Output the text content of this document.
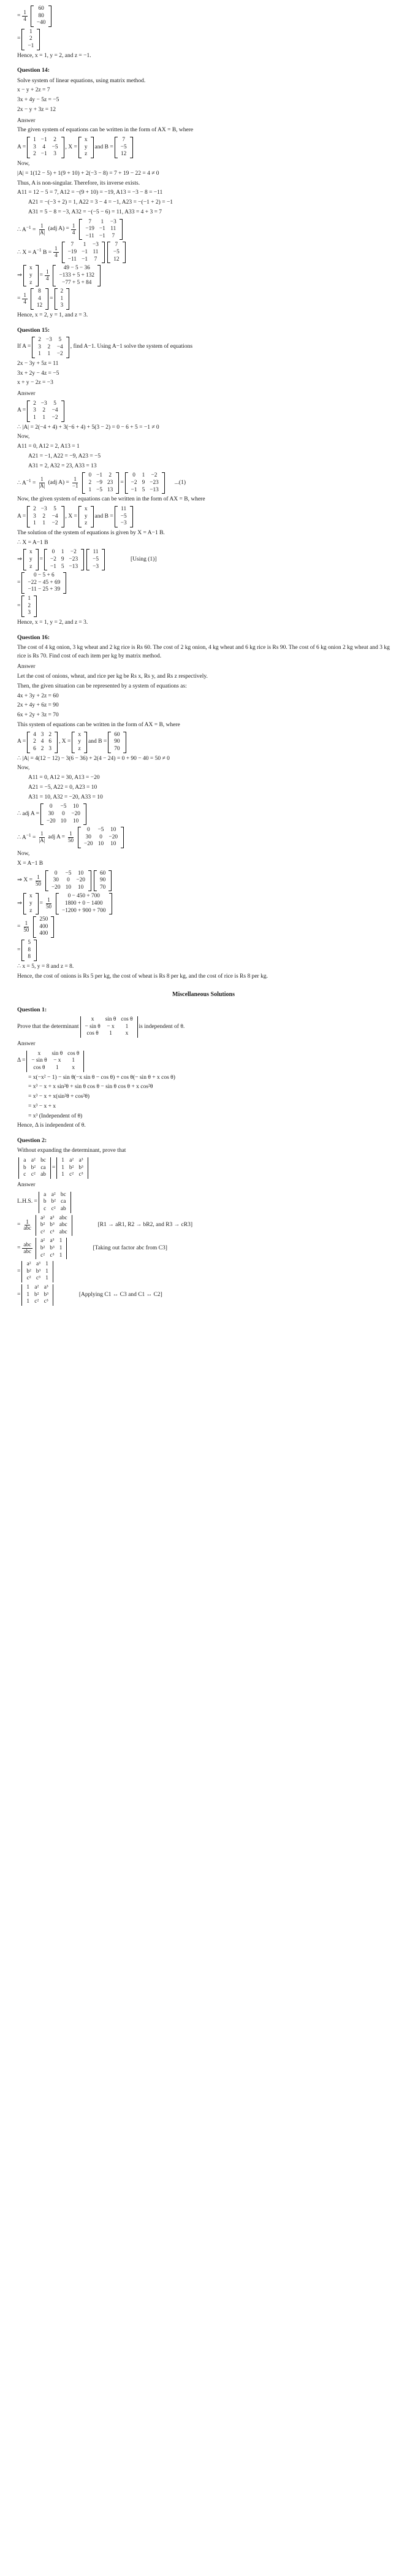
= $\frac{1}{4}$
60
80
−40
=
1
2
−1
Hence, x = 1, y = 2, and z = −1.
Question 14:
Solve system of linear equations, using matrix method.
x − y + 2z = 7
3x + 4y − 5z = −5
2x − y + 3z = 12
Answer
The given system of equations can be written in the form of AX = B, where
A =
1	−1	2
3	4	−5
2	−1	3
, X =
x
y
z
and B =
7
−5
12
Now,
|A| = 1(12 − 5) + 1(9 + 10) + 2(−3 − 8) = 7 + 19 − 22 = 4 ≠ 0
Thus, A is non-singular. Therefore, its inverse exists.
A11 = 12 − 5 = 7, A12 = −(9 + 10) = −19, A13 = −3 − 8 = −11
A21 = −(−3 + 2) = 1, A22 = 3 − 4 = −1, A23 = −(−1 + 2) = −1
A31 = 5 − 8 = −3, A32 = −(−5 − 6) = 11, A33 = 4 + 3 = 7
∴ $A^{-1} = \frac{1}{|A|} (adj$ $A) = \frac{1}{4}$
7	1	−3
−19	−1	11
−11	−1	7
∴ $X = A^{-1}$ $B = \frac{1}{4}$
7	1	−3
−19	−1	11
−11	−1	7
7
−5
12
⇒
x
y
z
= $\frac{1}{4}$
49 − 5 − 36
−133 + 5 + 132
−77 + 5 + 84
= $\frac{1}{4}$
8
4
12
=
2
1
3
Hence, x = 2, y = 1, and z = 3.
Question 15:
If A =
2	−3	5
3	2	−4
1	1	−2
, find A−1. Using A−1 solve the system of equations
2x − 3y + 5z = 11
3x + 2y − 4z = −5
x + y − 2z = −3
Answer
A =
2	−3	5
3	2	−4
1	1	−2
∴ |A| = 2(−4 + 4) + 3(−6 + 4) + 5(3 − 2) = 0 − 6 + 5 = −1 ≠ 0
Now,
A11 = 0, A12 = 2, A13 = 1
A21 = −1, A22 = −9, A23 = −5
A31 = 2, A32 = 23, A33 = 13
∴ $A^{-1} = \frac{1}{|A|} (adj$ $A) = \frac{1}{-1}$
0	−1	2
2	−9	23
1	−5	13
=
0	1	−2
−2	9	−23
−1	5	−13
...(1)
Now, the given system of equations can be written in the form of AX = B, where
A =
2	−3	5
3	2	−4
1	1	−2
, X =
x
y
z
and B =
11
−5
−3
The solution of the system of equations is given by X = A−1 B.
∴ X = A−1 B
⇒
x
y
z
=
0	1	−2
−2	9	−23
−1	5	−13
11
−5
−3
[Using (1)]
=
0 − 5 + 6
−22 − 45 + 69
−11 − 25 + 39
=
1
2
3
Hence, x = 1, y = 2, and z = 3.
Question 16:
The cost of 4 kg onion, 3 kg wheat and 2 kg rice is Rs 60. The cost of 2 kg onion, 4 kg wheat and 6 kg rice is Rs 90. The cost of 6 kg onion 2 kg wheat and 3 kg rice is Rs 70. Find cost of each item per kg by matrix method.
Answer
Let the cost of onions, wheat, and rice per kg be Rs x, Rs y, and Rs z respectively.
Then, the given situation can be represented by a system of equations as:
4x + 3y + 2z = 60
2x + 4y + 6z = 90
6x + 2y + 3z = 70
This system of equations can be written in the form of AX = B, where
A =
4	3	2
2	4	6
6	2	3
, X =
x
y
z
and B =
60
90
70
∴ |A| = 4(12 − 12) − 3(6 − 36) + 2(4 − 24) = 0 + 90 − 40 = 50 ≠ 0
Now,
A11 = 0, A12 = 30, A13 = −20
A21 = −5, A22 = 0, A23 = 10
A31 = 10, A32 = −20, A33 = 10
∴ adj A =
0	−5	10
30	0	−20
−20	10	10
∴ $A^{-1} = \frac{1}{|A|}$ adj $A = \frac{1}{50}$
0	−5	10
30	0	−20
−20	10	10
Now,
X = A−1 B
⇒ $X = \frac{1}{50}$
0	−5	10
30	0	−20
−20	10	10
60
90
70
⇒
x
y
z
= $\frac{1}{50}$
0 − 450 + 700
1800 + 0 − 1400
−1200 + 900 + 700
= $\frac{1}{50}$
250
400
400
=
5
8
8
∴ x = 5, y = 8 and z = 8.
Hence, the cost of onions is Rs 5 per kg, the cost of wheat is Rs 8 per kg, and the cost of rice is Rs 8 per kg.
Miscellaneous Solutions
Question 1:
Prove that the determinant
x	sin θ	cos θ
− sin θ	− x	1
cos θ	1	x
is independent of θ.
Answer
Δ =
x	sin θ	cos θ
− sin θ	− x	1
cos θ	1	x
= x(−x² − 1) − sin θ(−x sin θ − cos θ) + cos θ(− sin θ + x cos θ)
= x³ − x + x sin²θ + sin θ cos θ − sin θ cos θ + x cos²θ
= x³ − x + x(sin²θ + cos²θ)
= x³ − x + x
= x³ (Independent of θ)
Hence, Δ is independent of θ.
Question 2:
Without expanding the determinant, prove that
a	a²	bc
b	b²	ca
c	c²	ab
=
1	a²	a³
1	b²	b³
1	c²	c³
Answer
L.H.S. =
a	a²	bc
b	b²	ca
c	c²	ab
= $\frac{1}{\text{abc}}$
a²	a³	abc
b²	b³	abc
c²	c³	abc
[R1 → aR1, R2 → bR2, and R3 → cR3]
= $\frac{\text{abc}}{\text{abc}}$
a²	a³	1
b²	b³	1
c²	c³	1
[Taking out factor abc from C3]
=
a²	a³	1
b²	b³	1
c²	c³	1
=
1	a²	a³
1	b²	b³
1	c²	c³
[Applying C1 ↔ C3 and C1 ↔ C2]
